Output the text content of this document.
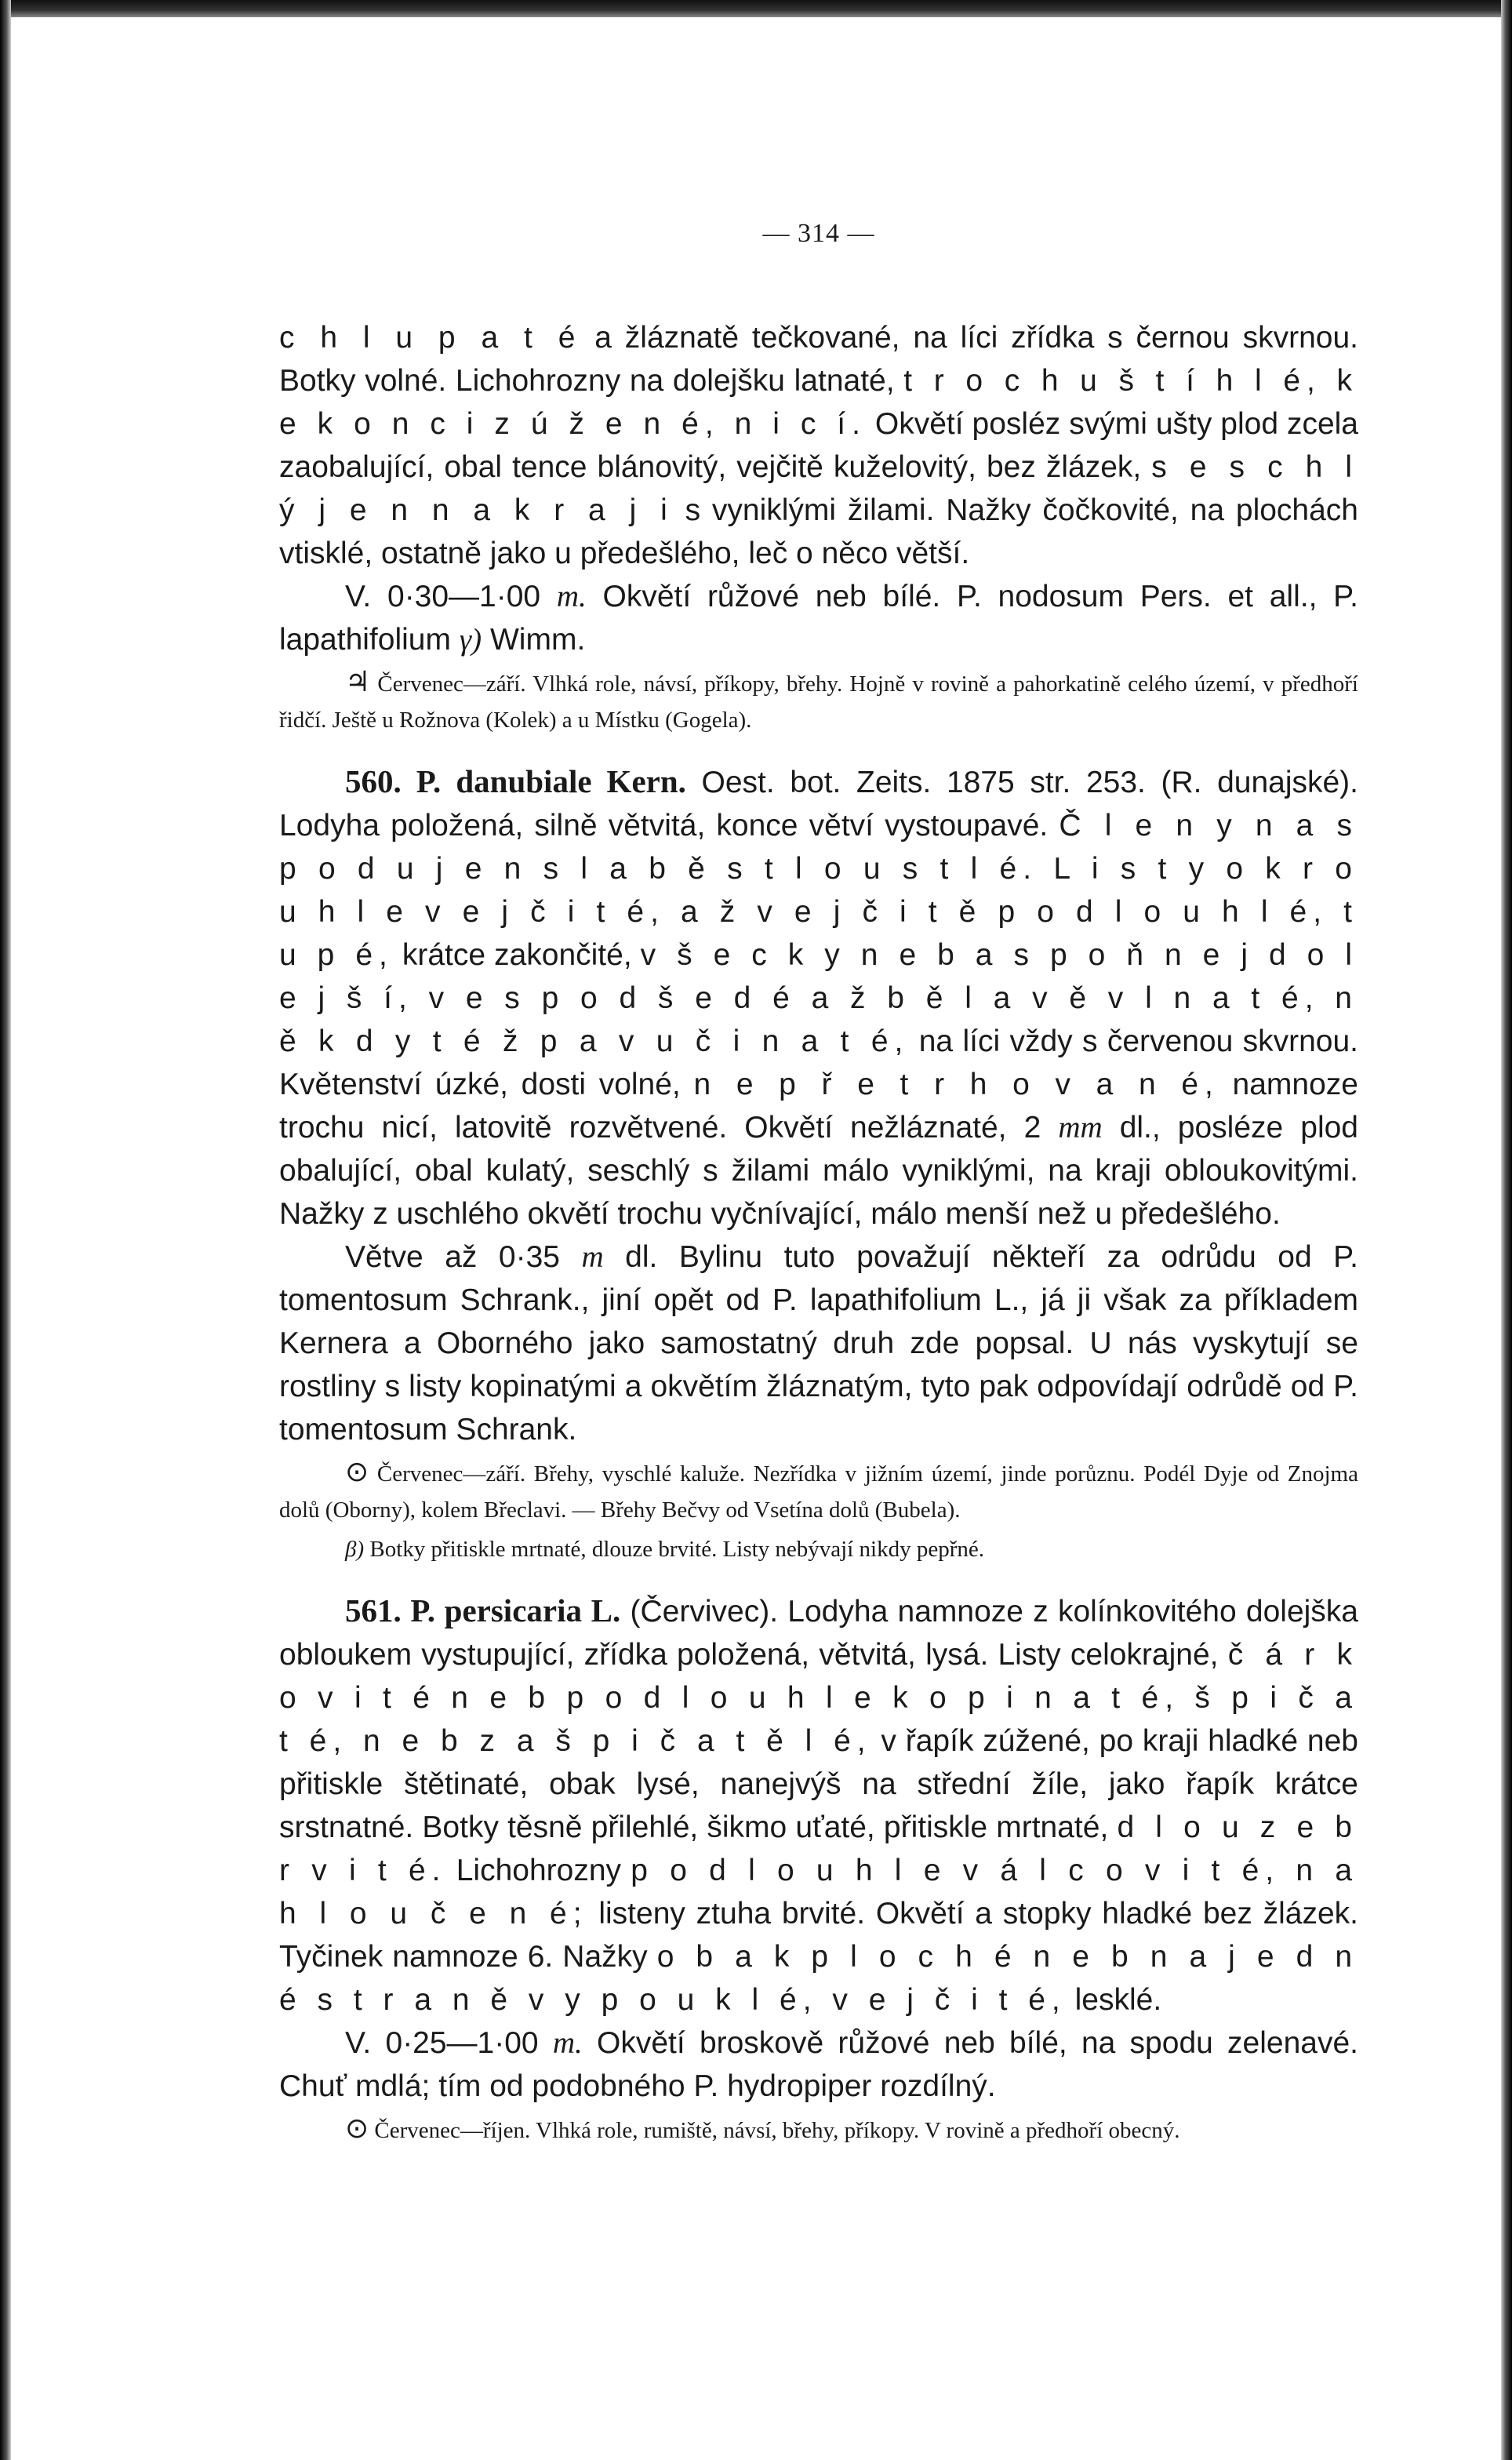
— 314 —

c h l u p a t é a žláznatě tečkované, na líci zřídka s černou skvrnou. Botky volné. Lichohrozny na dolejšku latnaté, t r o c h u š t í h l é, k e k o n c i z ú ž e n é, n i c í. Okvětí posléz svými ušty plod zcela zaobalující, obal tence blánovitý, vejčitě kuželovitý, bez žlázek, s e s c h l ý j e n n a k r a j i s vyniklými žilami. Nažky čočkovité, na plochách vtisklé, ostatně jako u předešlého, leč o něco větší.

V. 0·30—1·00 m. Okvětí růžové neb bílé. P. nodosum Pers. et all., P. lapathifolium γ) Wimm.

♃ Červenec—září. Vlhká role, návsí, příkopy, břehy. Hojně v rovině a pahorkatině celého území, v předhoří řidčí. Ještě u Rožnova (Kolek) a u Místku (Gogela).

560. P. danubiale Kern. Oest. bot. Zeits. 1875 str. 253. (R. dunajské). Lodyha položená, silně větvitá, konce větví vystoupavé. Č l e n y n a s p o d u j e n s l a b ě s t l o u s t l é. L i s t y o k r o u h l e v e j č i t é, a ž v e j č i t ě p o d l o u h l é, t u p é, krátce zakončité, v š e c k y n e b a s p o ň n e j d o l e j š í, v e s p o d š e d é a ž b ě l a v ě v l n a t é, n ě k d y t é ž p a v u č i n a t é, na líci vždy s červenou skvrnou. Květenství úzké, dosti volné, n e p ř e t r h o v a n é, namnoze trochu nicí, latovitě rozvětvené. Okvětí nežláznaté, 2 mm dl., posléze plod obalující, obal kulatý, seschlý s žilami málo vyniklými, na kraji obloukovitými. Nažky z uschlého okvětí trochu vyčnívající, málo menší než u předešlého.

Větve až 0·35 m dl. Bylinu tuto považují někteří za odrůdu od P. tomentosum Schrank., jiní opět od P. lapathifolium L., já ji však za příkladem Kernera a Oborného jako samostatný druh zde popsal. U nás vyskytují se rostliny s listy kopinatými a okvětím žláznatým, tyto pak odpovídají odrůdě od P. tomentosum Schrank.

⊙ Červenec—září. Břehy, vyschlé kaluže. Nezřídka v jižním území, jinde porůznu. Podél Dyje od Znojma dolů (Oborny), kolem Břeclavi. — Břehy Bečvy od Vsetína dolů (Bubela).

β) Botky přitiskle mrtnaté, dlouze brvité. Listy nebývají nikdy pepřné.

561. P. persicaria L. (Červivec). Lodyha namnoze z kolínkovitého dolejška obloukem vystupující, zřídka položená, větvitá, lysá. Listy celokrajné, č á r k o v i t é n e b p o d l o u h l e k o p i n a t é, š p i č a t é, n e b z a š p i č a t ě l é, v řapík zúžené, po kraji hladké neb přitiskle štětinaté, obak lysé, nanejvýš na střední žíle, jako řapík krátce srstnatné. Botky těsně přilehlé, šikmo uťaté, přitiskle mrtnaté, d l o u z e b r v i t é. Lichohrozny p o d l o u h l e v á l c o v i t é, n a h l o u č e n é; listeny ztuha brvité. Okvětí a stopky hladké bez žlázek. Tyčinek namnoze 6. Nažky o b a k p l o c h é n e b n a j e d n é s t r a n ě v y p o u k l é, v e j č i t é, lesklé.

V. 0·25—1·00 m. Okvětí broskově růžové neb bílé, na spodu zelenavé. Chuť mdlá; tím od podobného P. hydropiper rozdílný.

⊙ Červenec—říjen. Vlhká role, rumiště, návsí, břehy, příkopy. V rovině a předhoří obecný.
